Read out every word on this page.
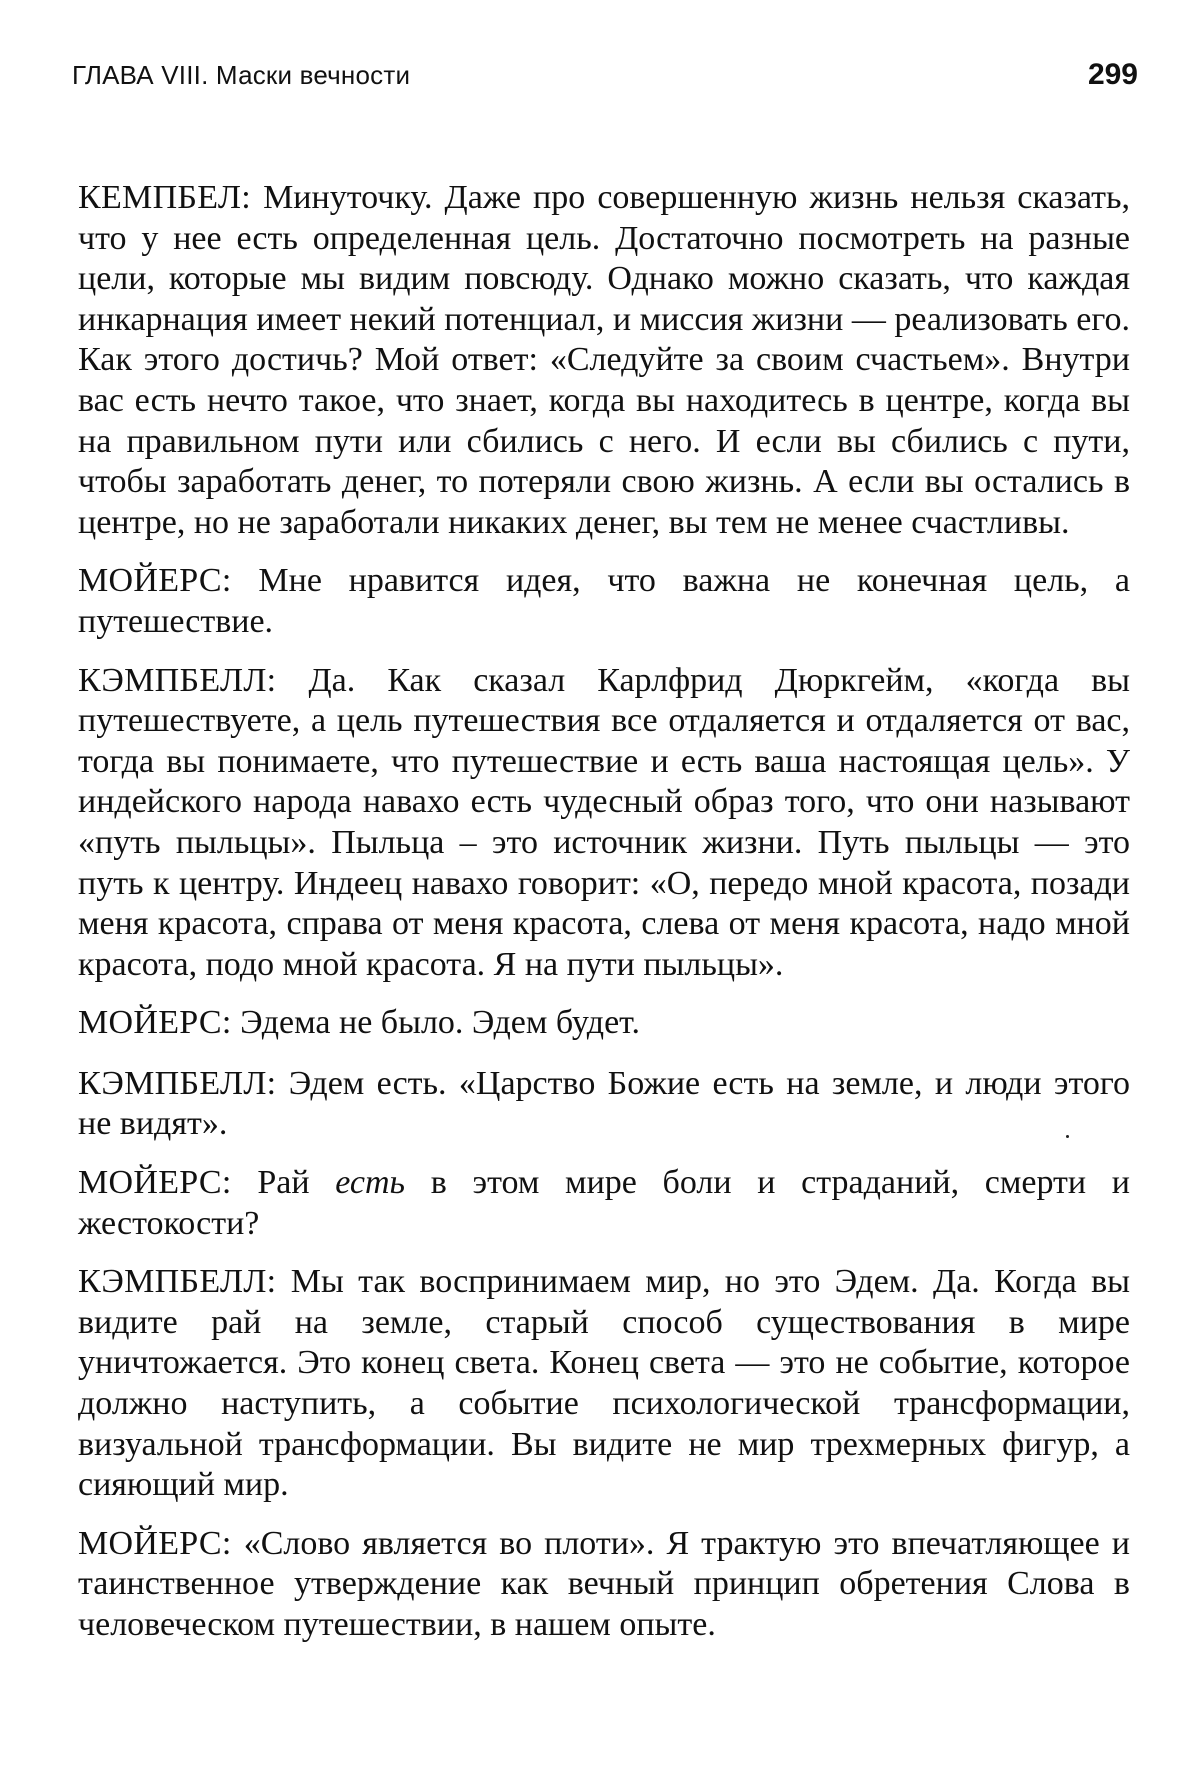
ГЛАВА VIII. Маски вечности	299

КЕМПБЕЛ: Минуточку. Даже про совершенную жизнь нельзя сказать, что у нее есть определенная цель. Достаточно посмотреть на разные цели, которые мы видим повсюду. Однако можно сказать, что каждая инкарнация имеет некий потенциал, и миссия жизни — реализовать его. Как этого достичь? Мой ответ: «Следуйте за своим счастьем». Внутри вас есть нечто такое, что знает, когда вы находитесь в центре, когда вы на правильном пути или сбились с него. И если вы сбились с пути, чтобы заработать денег, то потеряли свою жизнь. А если вы остались в центре, но не заработали никаких денег, вы тем не менее счастливы.

МОЙЕРС: Мне нравится идея, что важна не конечная цель, а путешествие.

КЭМПБЕЛЛ: Да. Как сказал Карлфрид Дюркгейм, «когда вы путешествуете, а цель путешествия все отдаляется и отдаляется от вас, тогда вы понимаете, что путешествие и есть ваша настоящая цель». У индейского народа навахо есть чудесный образ того, что они называют «путь пыльцы». Пыльца – это источник жизни. Путь пыльцы — это путь к центру. Индеец навахо говорит: «О, передо мной красота, позади меня красота, справа от меня красота, слева от меня красота, надо мной красота, подо мной красота. Я на пути пыльцы».

МОЙЕРС: Эдема не было. Эдем будет.

КЭМПБЕЛЛ: Эдем есть. «Царство Божие есть на земле, и люди этого не видят».

МОЙЕРС: Рай есть в этом мире боли и страданий, смерти и жестокости?

КЭМПБЕЛЛ: Мы так воспринимаем мир, но это Эдем. Да. Когда вы видите рай на земле, старый способ существования в мире уничтожается. Это конец света. Конец света — это не событие, которое должно наступить, а событие психологической трансформации, визуальной трансформации. Вы видите не мир трехмерных фигур, а сияющий мир.

МОЙЕРС: «Слово является во плоти». Я трактую это впечатляющее и таинственное утверждение как вечный принцип обретения Слова в человеческом путешествии, в нашем опыте.
